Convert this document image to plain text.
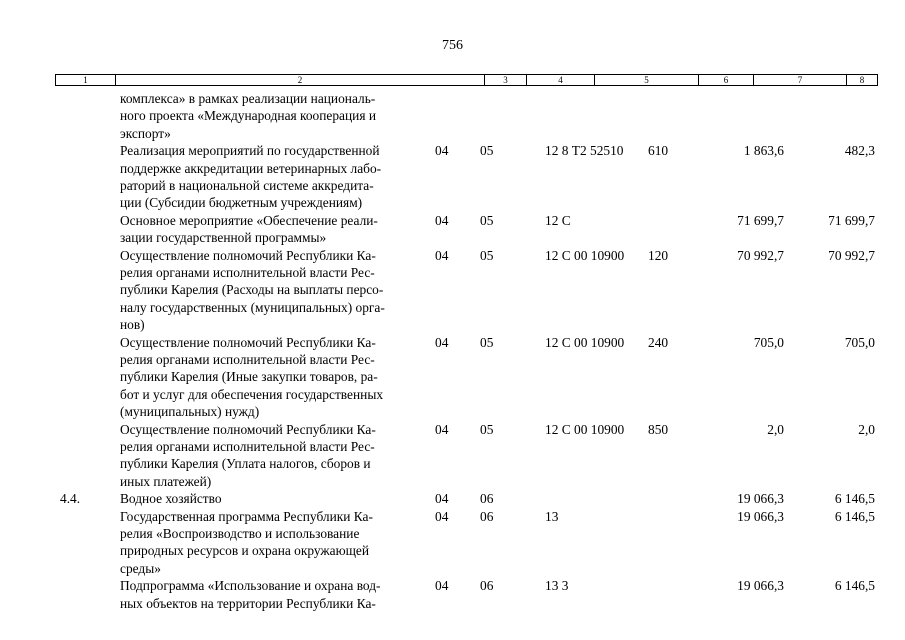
756
1	2	3	4	5	6	7	8
комплекса» в рамках реализации националь-
ного проекта «Международная кооперация и
экспорт»
Реализация мероприятий по государственной
поддержке аккредитации ветеринарных лабо-
раторий в национальной системе аккредита-
ции (Субсидии бюджетным учреждениям)
04 05	12 8 Т2 52510 610	1 863,6	482,3
Основное мероприятие «Обеспечение реали-
зации государственной программы»
04 05	12 С	71 699,7	71 699,7
Осуществление полномочий Республики Ка-
релия органами исполнительной власти Рес-
публики Карелия (Расходы на выплаты персо-
налу государственных (муниципальных) орга-
нов)
04 05	12 С 00 10900 120	70 992,7	70 992,7
Осуществление полномочий Республики Ка-
релия органами исполнительной власти Рес-
публики Карелия (Иные закупки товаров, ра-
бот и услуг для обеспечения государственных
(муниципальных) нужд)
04 05	12 С 00 10900 240	705,0	705,0
Осуществление полномочий Республики Ка-
релия органами исполнительной власти Рес-
публики Карелия (Уплата налогов, сборов и
иных платежей)
04 05	12 С 00 10900 850	2,0	2,0
4.4.	Водное хозяйство	04 06	19 066,3	6 146,5
Государственная программа Республики Ка-
релия «Воспроизводство и использование
природных ресурсов и охрана окружающей
среды»
04 06	13	19 066,3	6 146,5
Подпрограмма «Использование и охрана вод-
ных объектов на территории Республики Ка-
04 06	13 3	19 066,3	6 146,5
